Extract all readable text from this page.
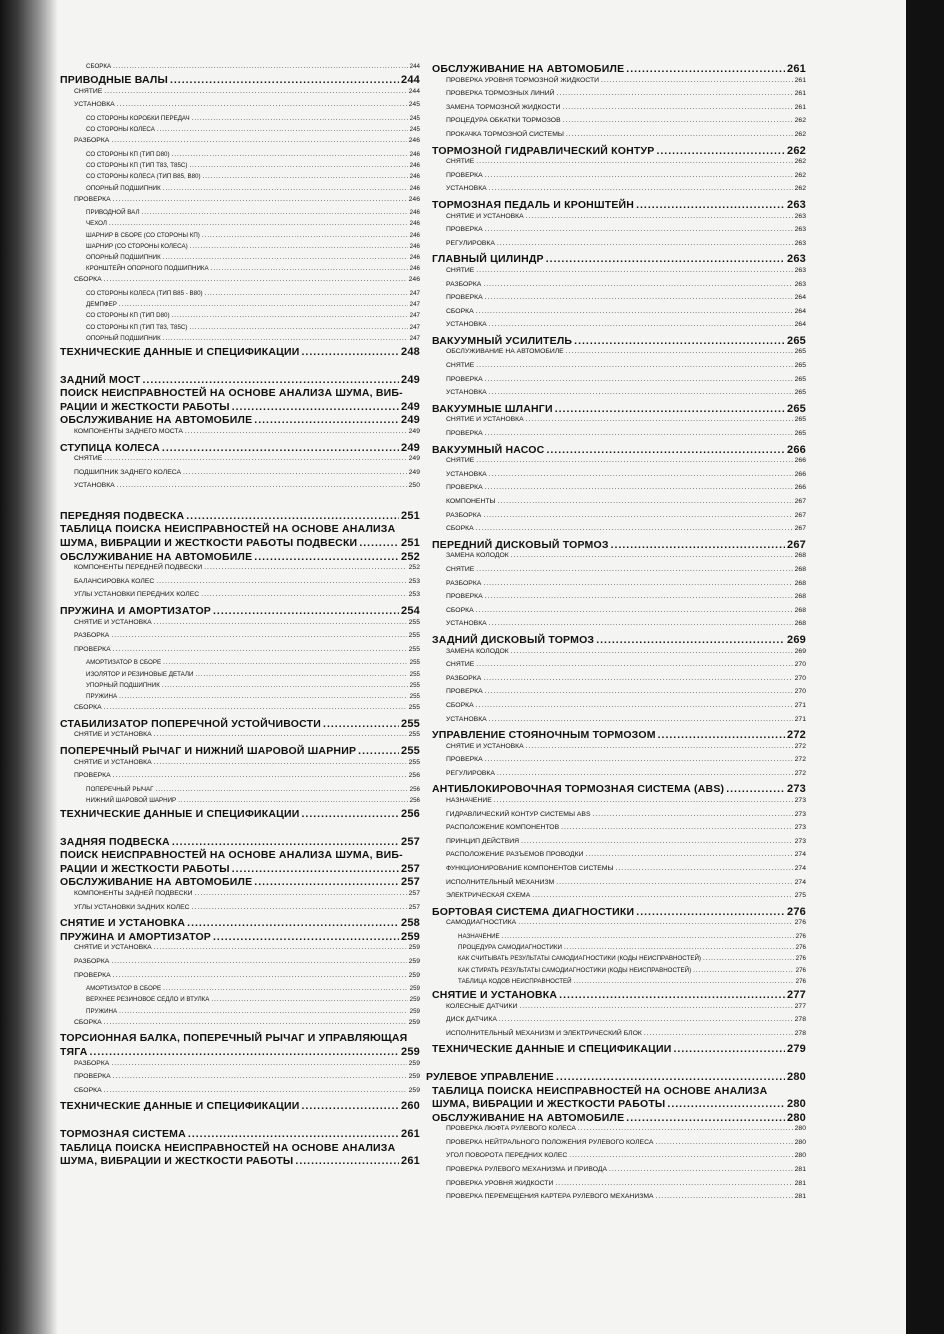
СБОРКА .....	244
ПРИВОДНЫЕ ВАЛЫ .....	244
СНЯТИЕ .....	244
УСТАНОВКА .....	245
СО СТОРОНЫ КОРОБКИ ПЕРЕДАЧ .....	245
СО СТОРОНЫ КОЛЕСА .....	245
РАЗБОРКА .....	246
СО СТОРОНЫ КП (ТИП D80) .....	246
СО СТОРОНЫ КП (ТИП Т83, Т85С) .....	246
СО СТОРОНЫ КОЛЕСА (ТИП В85, В80) .....	246
ОПОРНЫЙ ПОДШИПНИК .....	246
ПРОВЕРКА .....	246
ПРИВОДНОЙ ВАЛ .....	246
ЧЕХОЛ .....	246
ШАРНИР В СБОРЕ (СО СТОРОНЫ КП) .....	246
ШАРНИР (СО СТОРОНЫ КОЛЕСА) .....	246
ОПОРНЫЙ ПОДШИПНИК .....	246
КРОНШТЕЙН ОПОРНОГО ПОДШИПНИКА .....	246
СБОРКА .....	246
СО СТОРОНЫ КОЛЕСА (ТИП В85 - В80) .....	247
ДЕМПФЕР .....	247
СО СТОРОНЫ КП (ТИП D80) .....	247
СО СТОРОНЫ КП (ТИП Т83, Т85С) .....	247
ОПОРНЫЙ ПОДШИПНИК .....	247
ТЕХНИЧЕСКИЕ ДАННЫЕ И СПЕЦИФИКАЦИИ .....	248
ЗАДНИЙ МОСТ .....	249
ПОИСК НЕИСПРАВНОСТЕЙ НА ОСНОВЕ АНАЛИЗА ШУМА, ВИБ-
РАЦИИ И ЖЕСТКОСТИ РАБОТЫ .....	249
ОБСЛУЖИВАНИЕ НА АВТОМОБИЛЕ .....	249
КОМПОНЕНТЫ ЗАДНЕГО МОСТА .....	249
СТУПИЦА КОЛЕСА .....	249
СНЯТИЕ .....	249
ПОДШИПНИК ЗАДНЕГО КОЛЕСА .....	249
УСТАНОВКА .....	250
ПЕРЕДНЯЯ ПОДВЕСКА .....	251
ТАБЛИЦА ПОИСКА НЕИСПРАВНОСТЕЙ НА ОСНОВЕ АНАЛИЗА
ШУМА, ВИБРАЦИИ И ЖЕСТКОСТИ РАБОТЫ ПОДВЕСКИ .....	251
ОБСЛУЖИВАНИЕ НА АВТОМОБИЛЕ .....	252
КОМПОНЕНТЫ ПЕРЕДНЕЙ ПОДВЕСКИ .....	252
БАЛАНСИРОВКА КОЛЕС .....	253
УГЛЫ УСТАНОВКИ ПЕРЕДНИХ КОЛЕС .....	253
ПРУЖИНА И АМОРТИЗАТОР .....	254
СНЯТИЕ И УСТАНОВКА .....	255
РАЗБОРКА .....	255
ПРОВЕРКА .....	255
АМОРТИЗАТОР В СБОРЕ .....	255
ИЗОЛЯТОР И РЕЗИНОВЫЕ ДЕТАЛИ .....	255
УПОРНЫЙ ПОДШИПНИК .....	255
ПРУЖИНА .....	255
СБОРКА .....	255
СТАБИЛИЗАТОР ПОПЕРЕЧНОЙ УСТОЙЧИВОСТИ .....	255
СНЯТИЕ И УСТАНОВКА .....	255
ПОПЕРЕЧНЫЙ РЫЧАГ И НИЖНИЙ ШАРОВОЙ ШАРНИР .....	255
СНЯТИЕ И УСТАНОВКА .....	255
ПРОВЕРКА .....	256
ПОПЕРЕЧНЫЙ РЫЧАГ .....	256
НИЖНИЙ ШАРОВОЙ ШАРНИР .....	256
ТЕХНИЧЕСКИЕ ДАННЫЕ И СПЕЦИФИКАЦИИ .....	256
ЗАДНЯЯ ПОДВЕСКА .....	257
ПОИСК НЕИСПРАВНОСТЕЙ НА ОСНОВЕ АНАЛИЗА ШУМА, ВИБ-
РАЦИИ И ЖЕСТКОСТИ РАБОТЫ .....	257
ОБСЛУЖИВАНИЕ НА АВТОМОБИЛЕ .....	257
КОМПОНЕНТЫ ЗАДНЕЙ ПОДВЕСКИ .....	257
УГЛЫ УСТАНОВКИ ЗАДНИХ КОЛЕС .....	257
СНЯТИЕ И УСТАНОВКА .....	258
ПРУЖИНА И АМОРТИЗАТОР .....	259
СНЯТИЕ И УСТАНОВКА .....	259
РАЗБОРКА .....	259
ПРОВЕРКА .....	259
АМОРТИЗАТОР В СБОРЕ .....	259
ВЕРХНЕЕ РЕЗИНОВОЕ СЕДЛО И ВТУЛКА .....	259
ПРУЖИНА .....	259
СБОРКА .....	259
ТОРСИОННАЯ БАЛКА, ПОПЕРЕЧНЫЙ РЫЧАГ И УПРАВЛЯЮЩАЯ
ТЯГА .....	259
РАЗБОРКА .....	259
ПРОВЕРКА .....	259
СБОРКА .....	259
ТЕХНИЧЕСКИЕ ДАННЫЕ И СПЕЦИФИКАЦИИ .....	260
ТОРМОЗНАЯ СИСТЕМА .....	261
ТАБЛИЦА ПОИСКА НЕИСПРАВНОСТЕЙ НА ОСНОВЕ АНАЛИЗА
ШУМА, ВИБРАЦИИ И ЖЕСТКОСТИ РАБОТЫ .....	261
ОБСЛУЖИВАНИЕ НА АВТОМОБИЛЕ .....	261
ПРОВЕРКА УРОВНЯ ТОРМОЗНОЙ ЖИДКОСТИ .....	261
ПРОВЕРКА ТОРМОЗНЫХ ЛИНИЙ .....	261
ЗАМЕНА ТОРМОЗНОЙ ЖИДКОСТИ .....	261
ПРОЦЕДУРА ОБКАТКИ ТОРМОЗОВ .....	262
ПРОКАЧКА ТОРМОЗНОЙ СИСТЕМЫ .....	262
ТОРМОЗНОЙ ГИДРАВЛИЧЕСКИЙ КОНТУР .....	262
СНЯТИЕ .....	262
ПРОВЕРКА .....	262
УСТАНОВКА .....	262
ТОРМОЗНАЯ ПЕДАЛЬ И КРОНШТЕЙН .....	263
СНЯТИЕ И УСТАНОВКА .....	263
ПРОВЕРКА .....	263
РЕГУЛИРОВКА .....	263
ГЛАВНЫЙ ЦИЛИНДР .....	263
СНЯТИЕ .....	263
РАЗБОРКА .....	263
ПРОВЕРКА .....	264
СБОРКА .....	264
УСТАНОВКА .....	264
ВАКУУМНЫЙ УСИЛИТЕЛЬ .....	265
ОБСЛУЖИВАНИЕ НА АВТОМОБИЛЕ .....	265
СНЯТИЕ .....	265
ПРОВЕРКА .....	265
УСТАНОВКА .....	265
ВАКУУМНЫЕ ШЛАНГИ .....	265
СНЯТИЕ И УСТАНОВКА .....	265
ПРОВЕРКА .....	265
ВАКУУМНЫЙ НАСОС .....	266
СНЯТИЕ .....	266
УСТАНОВКА .....	266
ПРОВЕРКА .....	266
КОМПОНЕНТЫ .....	267
РАЗБОРКА .....	267
СБОРКА .....	267
ПЕРЕДНИЙ ДИСКОВЫЙ ТОРМОЗ .....	267
ЗАМЕНА КОЛОДОК .....	268
СНЯТИЕ .....	268
РАЗБОРКА .....	268
ПРОВЕРКА .....	268
СБОРКА .....	268
УСТАНОВКА .....	268
ЗАДНИЙ ДИСКОВЫЙ ТОРМОЗ .....	269
ЗАМЕНА КОЛОДОК .....	269
СНЯТИЕ .....	270
РАЗБОРКА .....	270
ПРОВЕРКА .....	270
СБОРКА .....	271
УСТАНОВКА .....	271
УПРАВЛЕНИЕ СТОЯНОЧНЫМ ТОРМОЗОМ .....	272
СНЯТИЕ И УСТАНОВКА .....	272
ПРОВЕРКА .....	272
РЕГУЛИРОВКА .....	272
АНТИБЛОКИРОВОЧНАЯ ТОРМОЗНАЯ СИСТЕМА (ABS) .....	273
НАЗНАЧЕНИЕ .....	273
ГИДРАВЛИЧЕСКИЙ КОНТУР СИСТЕМЫ ABS .....	273
РАСПОЛОЖЕНИЕ КОМПОНЕНТОВ .....	273
ПРИНЦИП ДЕЙСТВИЯ .....	273
РАСПОЛОЖЕНИЕ РАЗЪЕМОВ ПРОВОДКИ .....	274
ФУНКЦИОНИРОВАНИЕ КОМПОНЕНТОВ СИСТЕМЫ .....	274
ИСПОЛНИТЕЛЬНЫЙ МЕХАНИЗМ .....	274
ЭЛЕКТРИЧЕСКАЯ СХЕМА .....	275
БОРТОВАЯ СИСТЕМА ДИАГНОСТИКИ .....	276
САМОДИАГНОСТИКА .....	276
НАЗНАЧЕНИЕ .....	276
ПРОЦЕДУРА САМОДИАГНОСТИКИ .....	276
КАК СЧИТЫВАТЬ РЕЗУЛЬТАТЫ САМОДИАГНОСТИКИ (КОДЫ НЕИСПРАВНОСТЕЙ) .....	276
КАК СТИРАТЬ РЕЗУЛЬТАТЫ САМОДИАГНОСТИКИ (КОДЫ НЕИСПРАВНОСТЕЙ) .....	276
ТАБЛИЦА КОДОВ НЕИСПРАВНОСТЕЙ .....	276
СНЯТИЕ И УСТАНОВКА .....	277
КОЛЕСНЫЕ ДАТЧИКИ .....	277
ДИСК ДАТЧИКА .....	278
ИСПОЛНИТЕЛЬНЫЙ МЕХАНИЗМ И ЭЛЕКТРИЧЕСКИЙ БЛОК .....	278
ТЕХНИЧЕСКИЕ ДАННЫЕ И СПЕЦИФИКАЦИИ .....	279
РУЛЕВОЕ УПРАВЛЕНИЕ .....	280
ТАБЛИЦА ПОИСКА НЕИСПРАВНОСТЕЙ НА ОСНОВЕ АНАЛИЗА
ШУМА, ВИБРАЦИИ И ЖЕСТКОСТИ РАБОТЫ .....	280
ОБСЛУЖИВАНИЕ НА АВТОМОБИЛЕ .....	280
ПРОВЕРКА ЛЮФТА РУЛЕВОГО КОЛЕСА .....	280
ПРОВЕРКА НЕЙТРАЛЬНОГО ПОЛОЖЕНИЯ РУЛЕВОГО КОЛЕСА .....	280
УГОЛ ПОВОРОТА ПЕРЕДНИХ КОЛЕС .....	280
ПРОВЕРКА РУЛЕВОГО МЕХАНИЗМА И ПРИВОДА .....	281
ПРОВЕРКА УРОВНЯ ЖИДКОСТИ .....	281
ПРОВЕРКА ПЕРЕМЕЩЕНИЯ КАРТЕРА РУЛЕВОГО МЕХАНИЗМА .....	281
